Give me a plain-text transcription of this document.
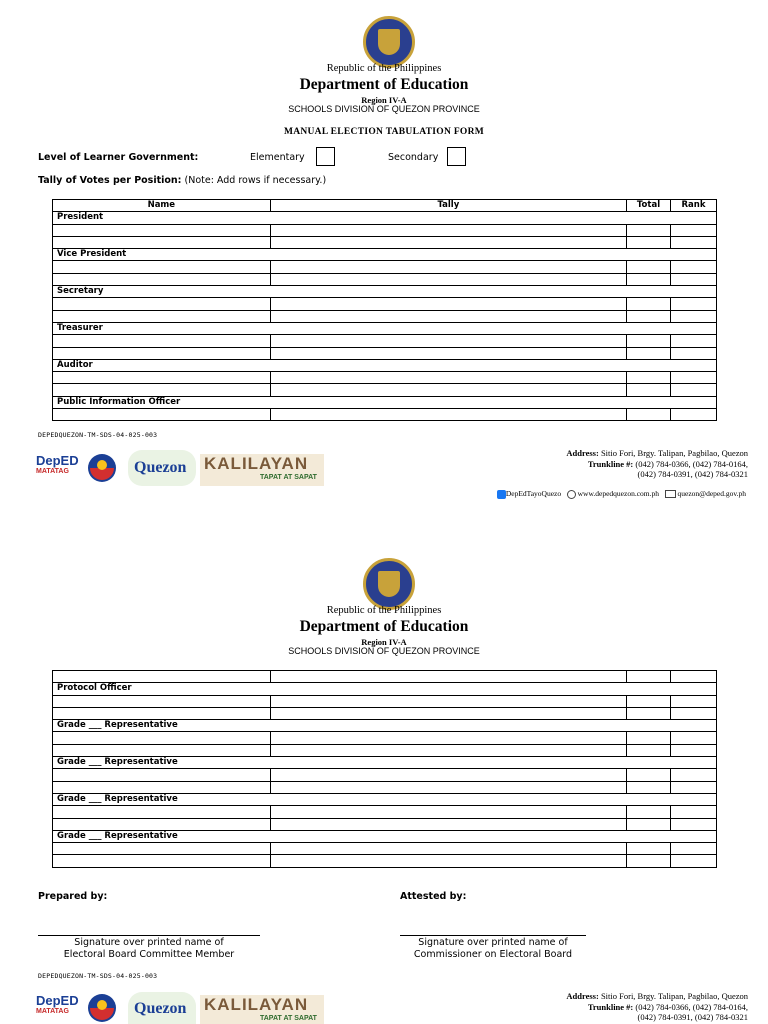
Republic of the Philippines
Department of Education
Region IV-A
SCHOOLS DIVISION OF QUEZON PROVINCE
MANUAL ELECTION TABULATION FORM
Level of Learner Government:	Elementary	Secondary
Tally of Votes per Position: (Note: Add rows if necessary.)
Name	Tally	Total	Rank
President			

Vice President			

Secretary			

Treasurer			

Auditor			

Public Information Officer			

DEPEDQUEZON-TM-SDS-04-025-003
DepED
MATATAG	Quezon	KALILAYAN
TAPAT AT SAPAT
Address: Sitio Fori, Brgy. Talipan, Pagbilao, Quezon
Trunkline #: (042) 784-0366, (042) 784-0164,
(042) 784-0391, (042) 784-0321
DepEdTayoQuezo www.depedquezon.com.ph quezon@deped.gov.ph
Republic of the Philippines
Department of Education
Region IV-A
SCHOOLS DIVISION OF QUEZON PROVINCE

Protocol Officer			

Grade ___ Representative			

Grade ___ Representative			

Grade ___ Representative			

Grade ___ Representative			

Prepared by:	Attested by:
Signature over printed name of
Electoral Board Committee Member
Signature over printed name of
Commissioner on Electoral Board
DEPEDQUEZON-TM-SDS-04-025-003
DepED
MATATAG	Quezon	KALILAYAN
TAPAT AT SAPAT
Address: Sitio Fori, Brgy. Talipan, Pagbilao, Quezon
Trunkline #: (042) 784-0366, (042) 784-0164,
(042) 784-0391, (042) 784-0321
